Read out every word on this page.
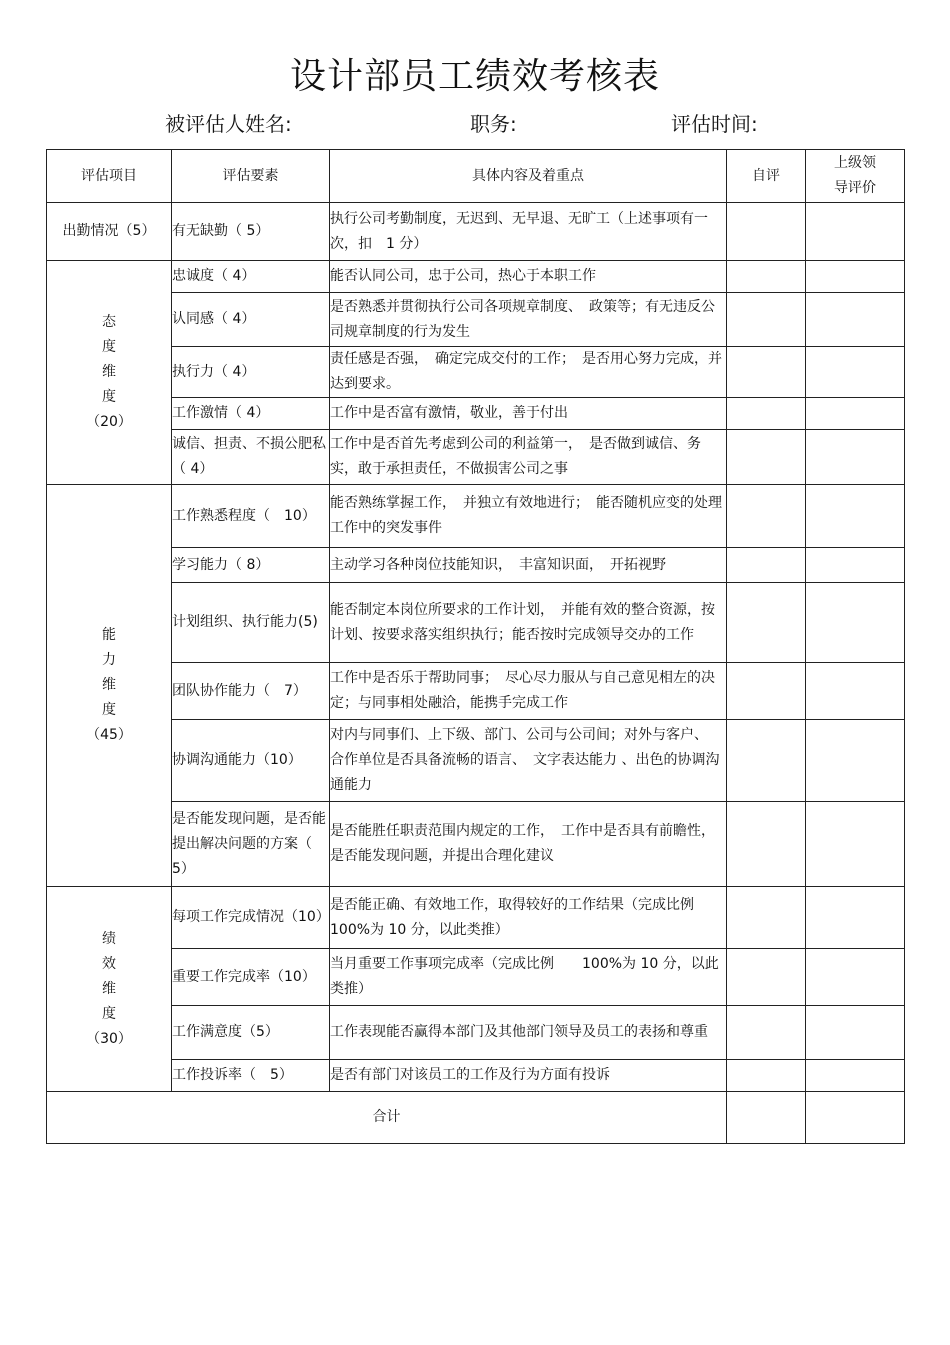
设计部员工绩效考核表
被评估人姓名:	职务:	评估时间:
评估项目	评估要素	具体内容及着重点	自评	上级领导评价
出勤情况（5）	有无缺勤（ 5）	执行公司考勤制度，无迟到、无早退、无旷工（上述事项有一次，扣　1 分）		
态度维度
（20）	忠诚度（ 4）	能否认同公司，忠于公司，热心于本职工作		
	认同感（ 4）	是否熟悉并贯彻执行公司各项规章制度、　政策等；有无违反公司规章制度的行为发生		
	执行力（ 4）	责任感是否强，　确定完成交付的工作；　是否用心努力完成，并达到要求。		
	工作激情（ 4）	工作中是否富有激情，敬业，善于付出		
	诚信、担责、不损公肥私（ 4）	工作中是否首先考虑到公司的利益第一，　是否做到诚信、务实，敢于承担责任，不做损害公司之事		
能力维度
（45）	工作熟悉程度（　10）	能否熟练掌握工作，　并独立有效地进行；　能否随机应变的处理工作中的突发事件		
	学习能力（ 8）	主动学习各种岗位技能知识，　丰富知识面，　开拓视野		
	计划组织、执行能力(5)	能否制定本岗位所要求的工作计划，　并能有效的整合资源，按计划、按要求落实组织执行；能否按时完成领导交办的工作		
	团队协作能力（　7）	工作中是否乐于帮助同事；　尽心尽力服从与自己意见相左的决定；与同事相处融洽，能携手完成工作		
	协调沟通能力（10）	对内与同事们、上下级、部门、公司与公司间；对外与客户、 合作单位是否具备流畅的语言、　文字表达能力 、出色的协调沟通能力		
	是否能发现问题，是否能提出解决问题的方案（ 5）	是否能胜任职责范围内规定的工作，　工作中是否具有前瞻性，是否能发现问题，并提出合理化建议		
绩效维度
（30）	每项工作完成情况（10）	是否能正确、有效地工作，取得较好的工作结果（完成比例　100%为 10 分，以此类推）		
	重要工作完成率（10）	当月重要工作事项完成率（完成比例　　100%为 10 分，以此类推）		
	工作满意度（5）	工作表现能否赢得本部门及其他部门领导及员工的表扬和尊重		
	工作投诉率（　5）	是否有部门对该员工的工作及行为方面有投诉		
合计				
